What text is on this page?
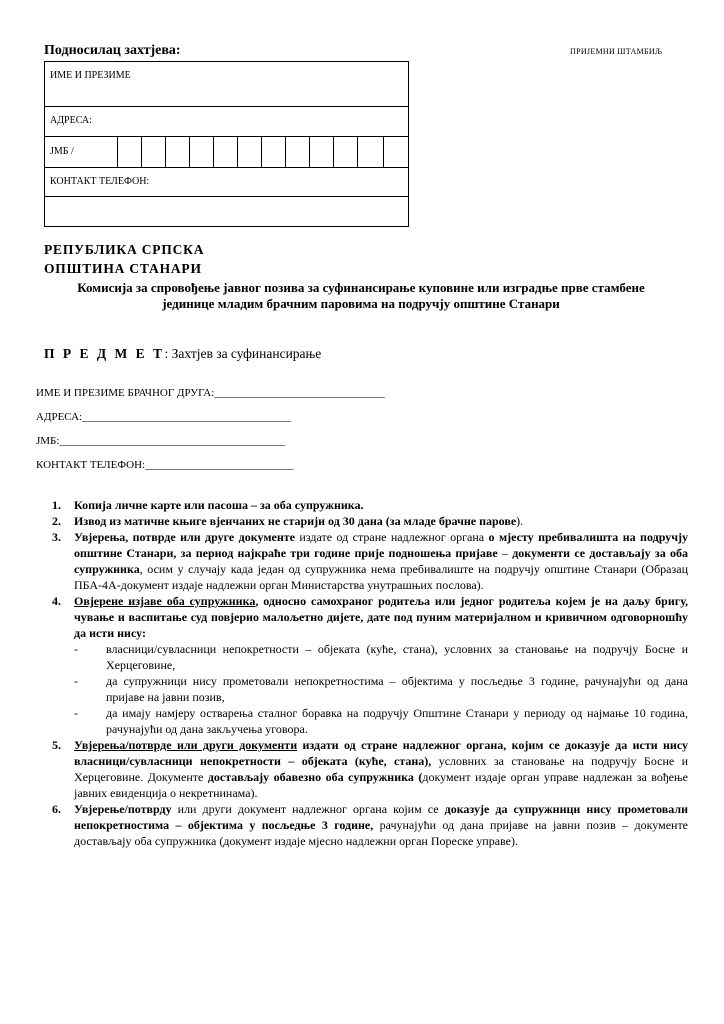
Подносилац захтјева:	ПРИЈЕМНИ ШТАМБИЉ
ИМЕ И ПРЕЗИМЕ
АДРЕСА:
ЈМБ /
КОНТАКТ ТЕЛЕФОН:
РЕПУБЛИКА СРПСКА
ОПШТИНА СТАНАРИ
Комисија за спровођење јавног позива за суфинансирање куповине или изградње прве стамбене
јединице младим брачним паровима на подручју општине Станари
П Р Е Д М Е Т: Захтјев за суфинансирање
ИМЕ И ПРЕЗИМЕ БРАЧНОГ ДРУГА:_______________________________
АДРЕСА:______________________________________
ЈМБ:_________________________________________
КОНТАКТ ТЕЛЕФОН:___________________________
1. Копија личне карте или пасоша – за оба супружника.
2. Извод из матичне књиге вјенчаних не старији од 30 дана (за младе брачне парове).
3. Увјерења, потврде или друге документе издате од стране надлежног органа о мјесту пребивалишта на подручју општине Станари, за период најкраће три године прије подношења пријаве – документи се достављају за оба супружника, осим у случају када један од супружника нема пребивалиште на подручју општине Станари (Образац ПБА-4А-документ издаје надлежни орган Министарства унутрашњих послова).
4. Овјерене изјаве оба супружника, односно самохраног родитеља или једног родитеља којем је на даљу бригу, чување и васпитање суд повјерио малољетно дијете, дате под пуним материјалном и кривичном одговорношћу да исти нису:
- власници/сувласници непокретности – објеката (куће, стана), условних за становање на подручју Босне и Херцеговине,
- да супружници нису прометовали непокретностима – објектима у посљедње 3 године, рачунајући од дана пријаве на јавни позив,
- да имају намјеру остварења сталног боравка на подручју Општине Станари у периоду од најмање 10 година, рачунајући од дана закључења уговора.
5. Увјерења/потврде или други документи издати од стране надлежног органа, којим се доказује да исти нису власници/сувласници непокретности – објеката (куће, стана), условних за становање на подручју Босне и Херцеговине. Документе достављају обавезно оба супружника (документ издаје орган управе надлежан за вођење јавних евиденција о некретнинама).
6. Увјерење/потврду или други документ надлежног органа којим се доказује да супружници нису прометовали непокретностима – објектима у посљедње 3 године, рачунајући од дана пријаве на јавни позив – документе достављају оба супружника (документ издаје мјесно надлежни орган Пореске управе).
